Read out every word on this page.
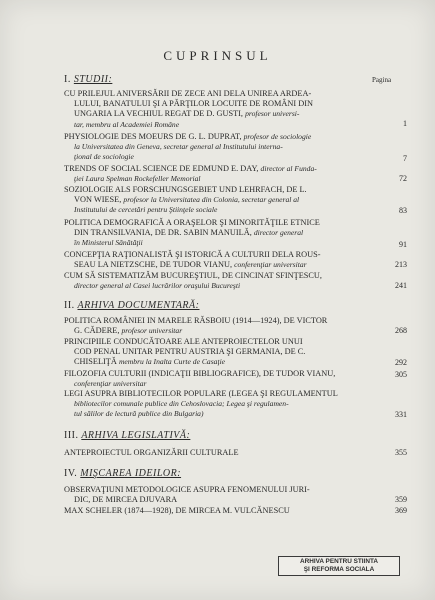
CUPRINSUL
Pagina
I. STUDII:
CU PRILEJUL ANIVERSĂRII DE ZECE ANI DELA UNIREA ARDEA-

LULUI, BANATULUI ŞI A PĂRŢILOR LOCUITE DE ROMÂNI DIN
UNGARIA LA VECHIUL REGAT DE D. GUSTI, profesor universi-
tar, membru al Academiei Române	1
PHYSIOLOGIE DES MOEURS DE G. L. DUPRAT, profesor de sociologie

la Universitatea din Geneva, secretar general al Institutului interna-
ţional de sociologie	7
TRENDS OF SOCIAL SCIENCE DE EDMUND E. DAY, director al Funda-

ţiei Laura Spelman Rockefeller Memorial	72
SOZIOLOGIE ALS FORSCHUNGSGEBIET UND LEHRFACH, DE L.

VON WIESE, profesor la Universitatea din Colonia, secretar general al
Institutului de cercetări pentru Ştiinţele sociale	83
POLITICA DEMOGRAFICĂ A ORAŞELOR ŞI MINORITĂŢILE ETNICE

DIN TRANSILVANIA, DE DR. SABIN MANUILĂ, director general
în Ministerul Sănătăţii	91
CONCEPŢIA RAŢIONALISTĂ ŞI ISTORICĂ A CULTURII DELA ROUS-

SEAU LA NIETZSCHE, DE TUDOR VIANU, conferenţiar universitar	213
CUM SĂ SISTEMATIZĂM BUCUREŞTIUL, DE CINCINAT SFINŢESCU,

director general al Casei lucrărilor oraşului Bucureşti	241
II. ARHIVA DOCUMENTARĂ:
POLITICA ROMÂNIEI IN MARELE RĂSBOIU (1914—1924), DE VICTOR

G. CĂDERE, profesor universitar	268
PRINCIPIILE CONDUCĂTOARE ALE ANTEPROIECTELOR UNUI

COD PENAL UNITAR PENTRU AUSTRIA ŞI GERMANIA, DE C.
CHISELIŢĂ membru la Inalta Curte de Casaţie	292
FILOZOFIA CULTURII (INDICAŢII BIBLIOGRAFICE), DE TUDOR VIANU,

conferenţiar universitar
305
LEGI ASUPRA BIBLIOTECILOR POPULARE (LEGEA ŞI REGULAMENTUL

bibliotecilor comunale publice din Cehoslovacia; Legea şi regulamen-
tul sălilor de lectură publice din Bulgaria)	331
III. ARHIVA LEGISLATIVĂ:
ANTEPROIECTUL ORGANIZĂRII CULTURALE	355
IV. MIŞCAREA IDEILOR:
OBSERVAŢIUNI METODOLOGICE ASUPRA FENOMENULUI JURI-

DIC, DE MIRCEA DJUVARA	359
MAX SCHELER (1874—1928), DE MIRCEA M. VULCĂNESCU	369
ARHIVA PENTRU STIINTA
ŞI REFORMA SOCIALA
